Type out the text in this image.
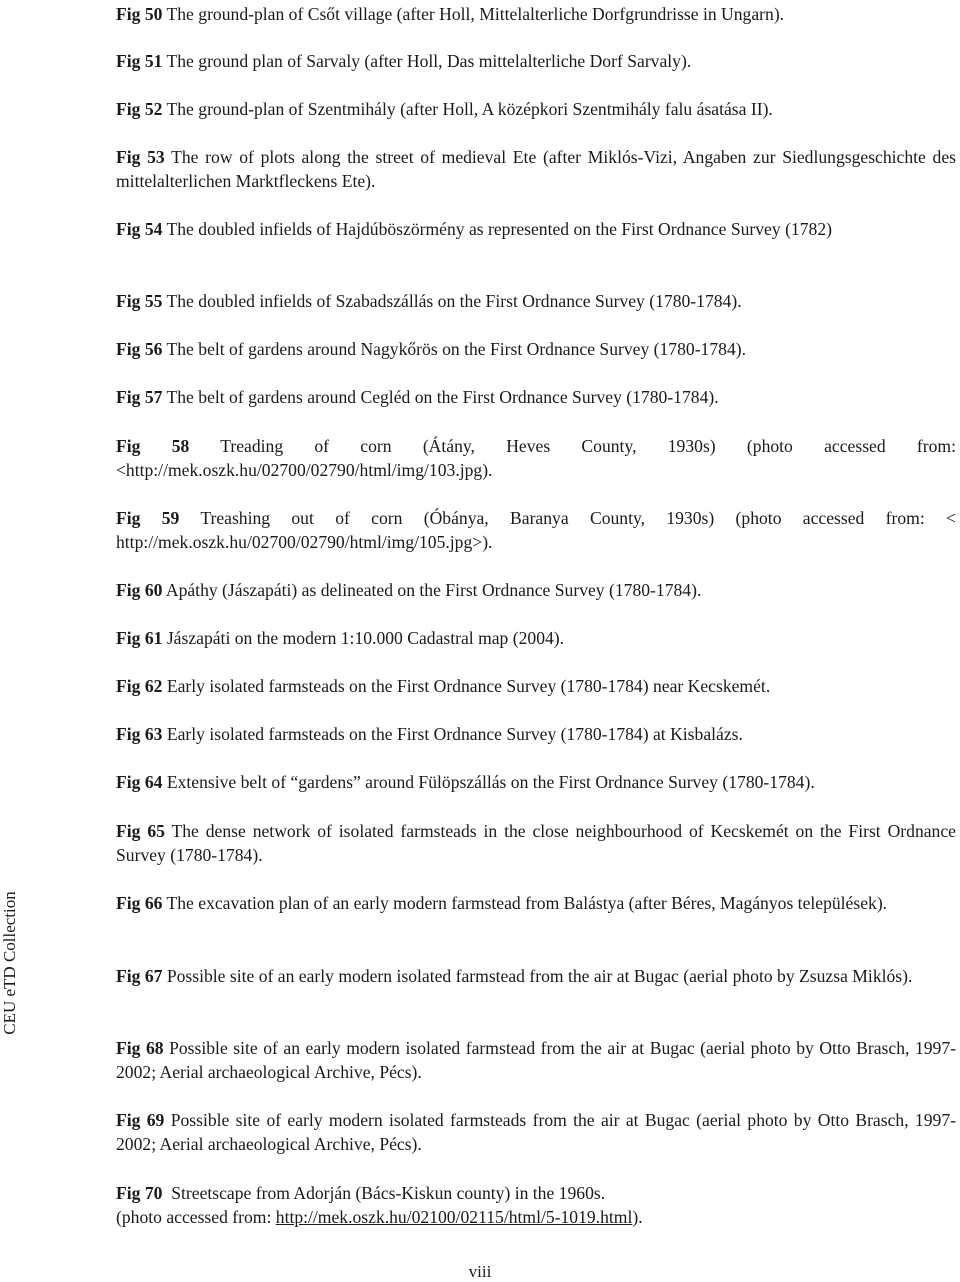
Fig 50 The ground-plan of Csőt village (after Holl, Mittelalterliche Dorfgrundrisse in Ungarn).
Fig 51 The ground plan of Sarvaly (after Holl, Das mittelalterliche Dorf Sarvaly).
Fig 52 The ground-plan of Szentmihály (after Holl, A középkori Szentmihály falu ásatása II).
Fig 53 The row of plots along the street of medieval Ete (after Miklós-Vizi, Angaben zur Siedlungsgeschichte des mittelalterlichen Marktfleckens Ete).
Fig 54 The doubled infields of Hajdúböszörmény as represented on the First Ordnance Survey (1782)
Fig 55 The doubled infields of Szabadszállás on the First Ordnance Survey (1780-1784).
Fig 56 The belt of gardens around Nagykőrös on the First Ordnance Survey (1780-1784).
Fig 57 The belt of gardens around Cegléd on the First Ordnance Survey (1780-1784).
Fig 58 Treading of corn (Átány, Heves County, 1930s) (photo accessed from: <http://mek.oszk.hu/02700/02790/html/img/103.jpg).
Fig 59 Treashing out of corn (Óbánya, Baranya County, 1930s) (photo accessed from: < http://mek.oszk.hu/02700/02790/html/img/105.jpg>).
Fig 60 Apáthy (Jászapáti) as delineated on the First Ordnance Survey (1780-1784).
Fig 61 Jászapáti on the modern 1:10.000 Cadastral map (2004).
Fig 62 Early isolated farmsteads on the First Ordnance Survey (1780-1784) near Kecskemét.
Fig 63 Early isolated farmsteads on the First Ordnance Survey (1780-1784) at Kisbalázs.
Fig 64 Extensive belt of “gardens” around Fülöpszállás on the First Ordnance Survey (1780-1784).
Fig 65 The dense network of isolated farmsteads in the close neighbourhood of Kecskemét on the First Ordnance Survey (1780-1784).
Fig 66 The excavation plan of an early modern farmstead from Balástya (after Béres, Magányos települések).
Fig 67 Possible site of an early modern isolated farmstead from the air at Bugac (aerial photo by Zsuzsa Miklós).
Fig 68 Possible site of an early modern isolated farmstead from the air at Bugac (aerial photo by Otto Brasch, 1997-2002; Aerial archaeological Archive, Pécs).
Fig 69 Possible site of early modern isolated farmsteads from the air at Bugac (aerial photo by Otto Brasch, 1997-2002; Aerial archaeological Archive, Pécs).
Fig 70  Streetscape from Adorján (Bács-Kiskun county) in the 1960s.
(photo accessed from: http://mek.oszk.hu/02100/02115/html/5-1019.html).
CEU eTD Collection
viii
